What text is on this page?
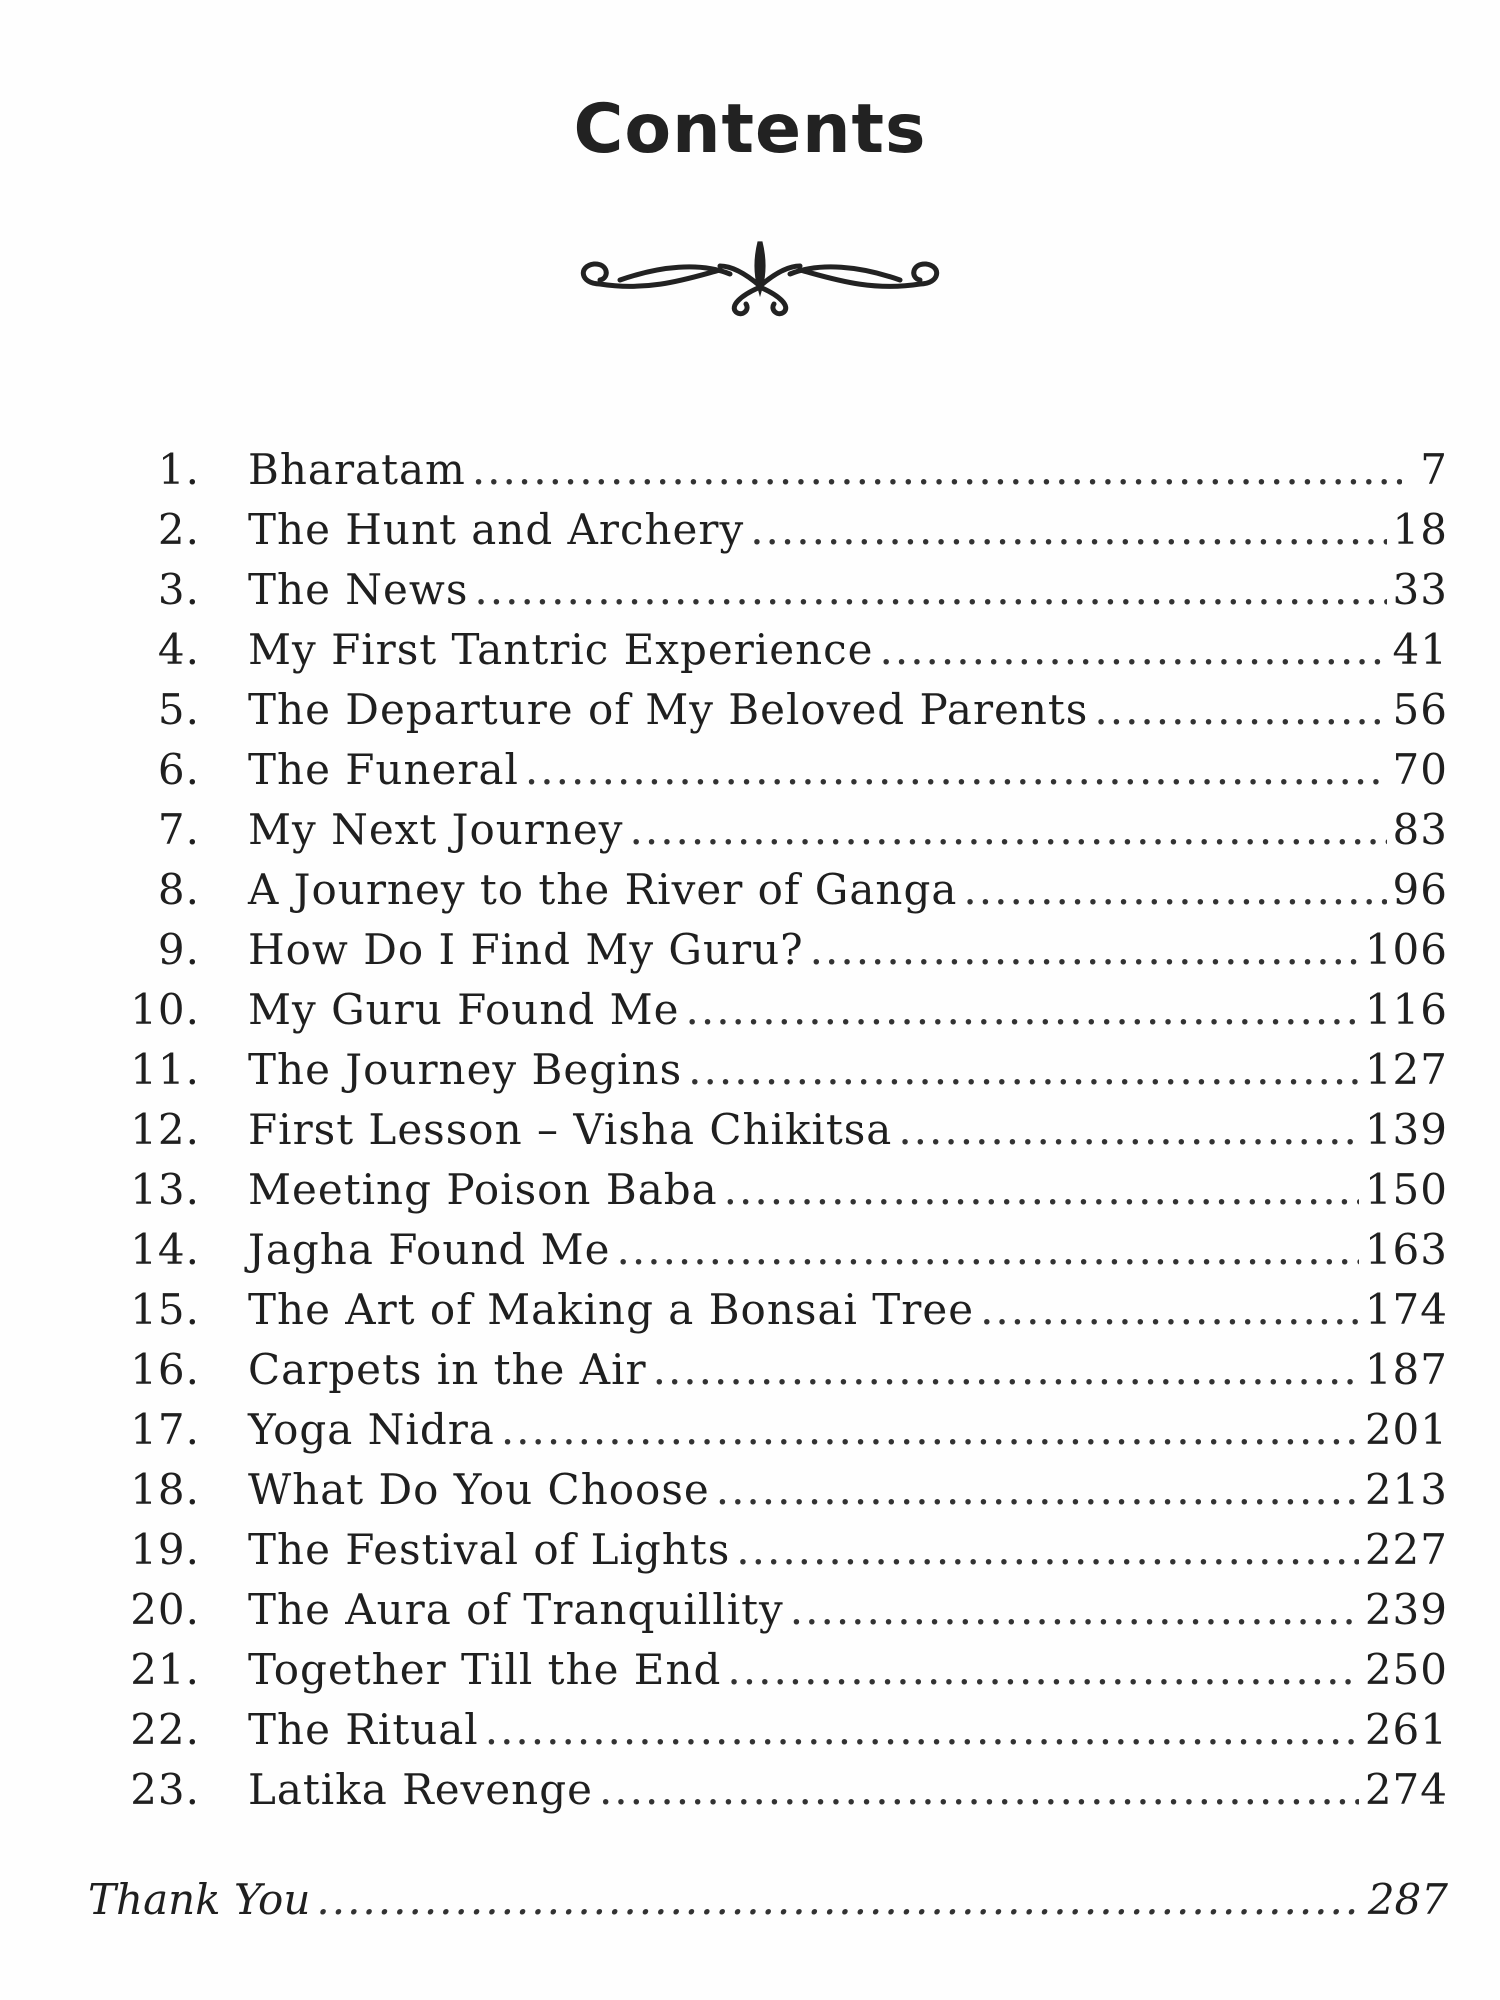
Contents
1. Bharatam .....	7
2. The Hunt and Archery .....	18
3. The News .....	33
4. My First Tantric Experience .....	41
5. The Departure of My Beloved Parents .....	56
6. The Funeral .....	70
7. My Next Journey .....	83
8. A Journey to the River of Ganga .....	96
9. How Do I Find My Guru? .....	106
10. My Guru Found Me .....	116
11. The Journey Begins .....	127
12. First Lesson – Visha Chikitsa .....	139
13. Meeting Poison Baba .....	150
14. Jagha Found Me .....	163
15. The Art of Making a Bonsai Tree .....	174
16. Carpets in the Air .....	187
17. Yoga Nidra .....	201
18. What Do You Choose .....	213
19. The Festival of Lights .....	227
20. The Aura of Tranquillity .....	239
21. Together Till the End .....	250
22. The Ritual .....	261
23. Latika Revenge .....	274
Thank You .....	287
